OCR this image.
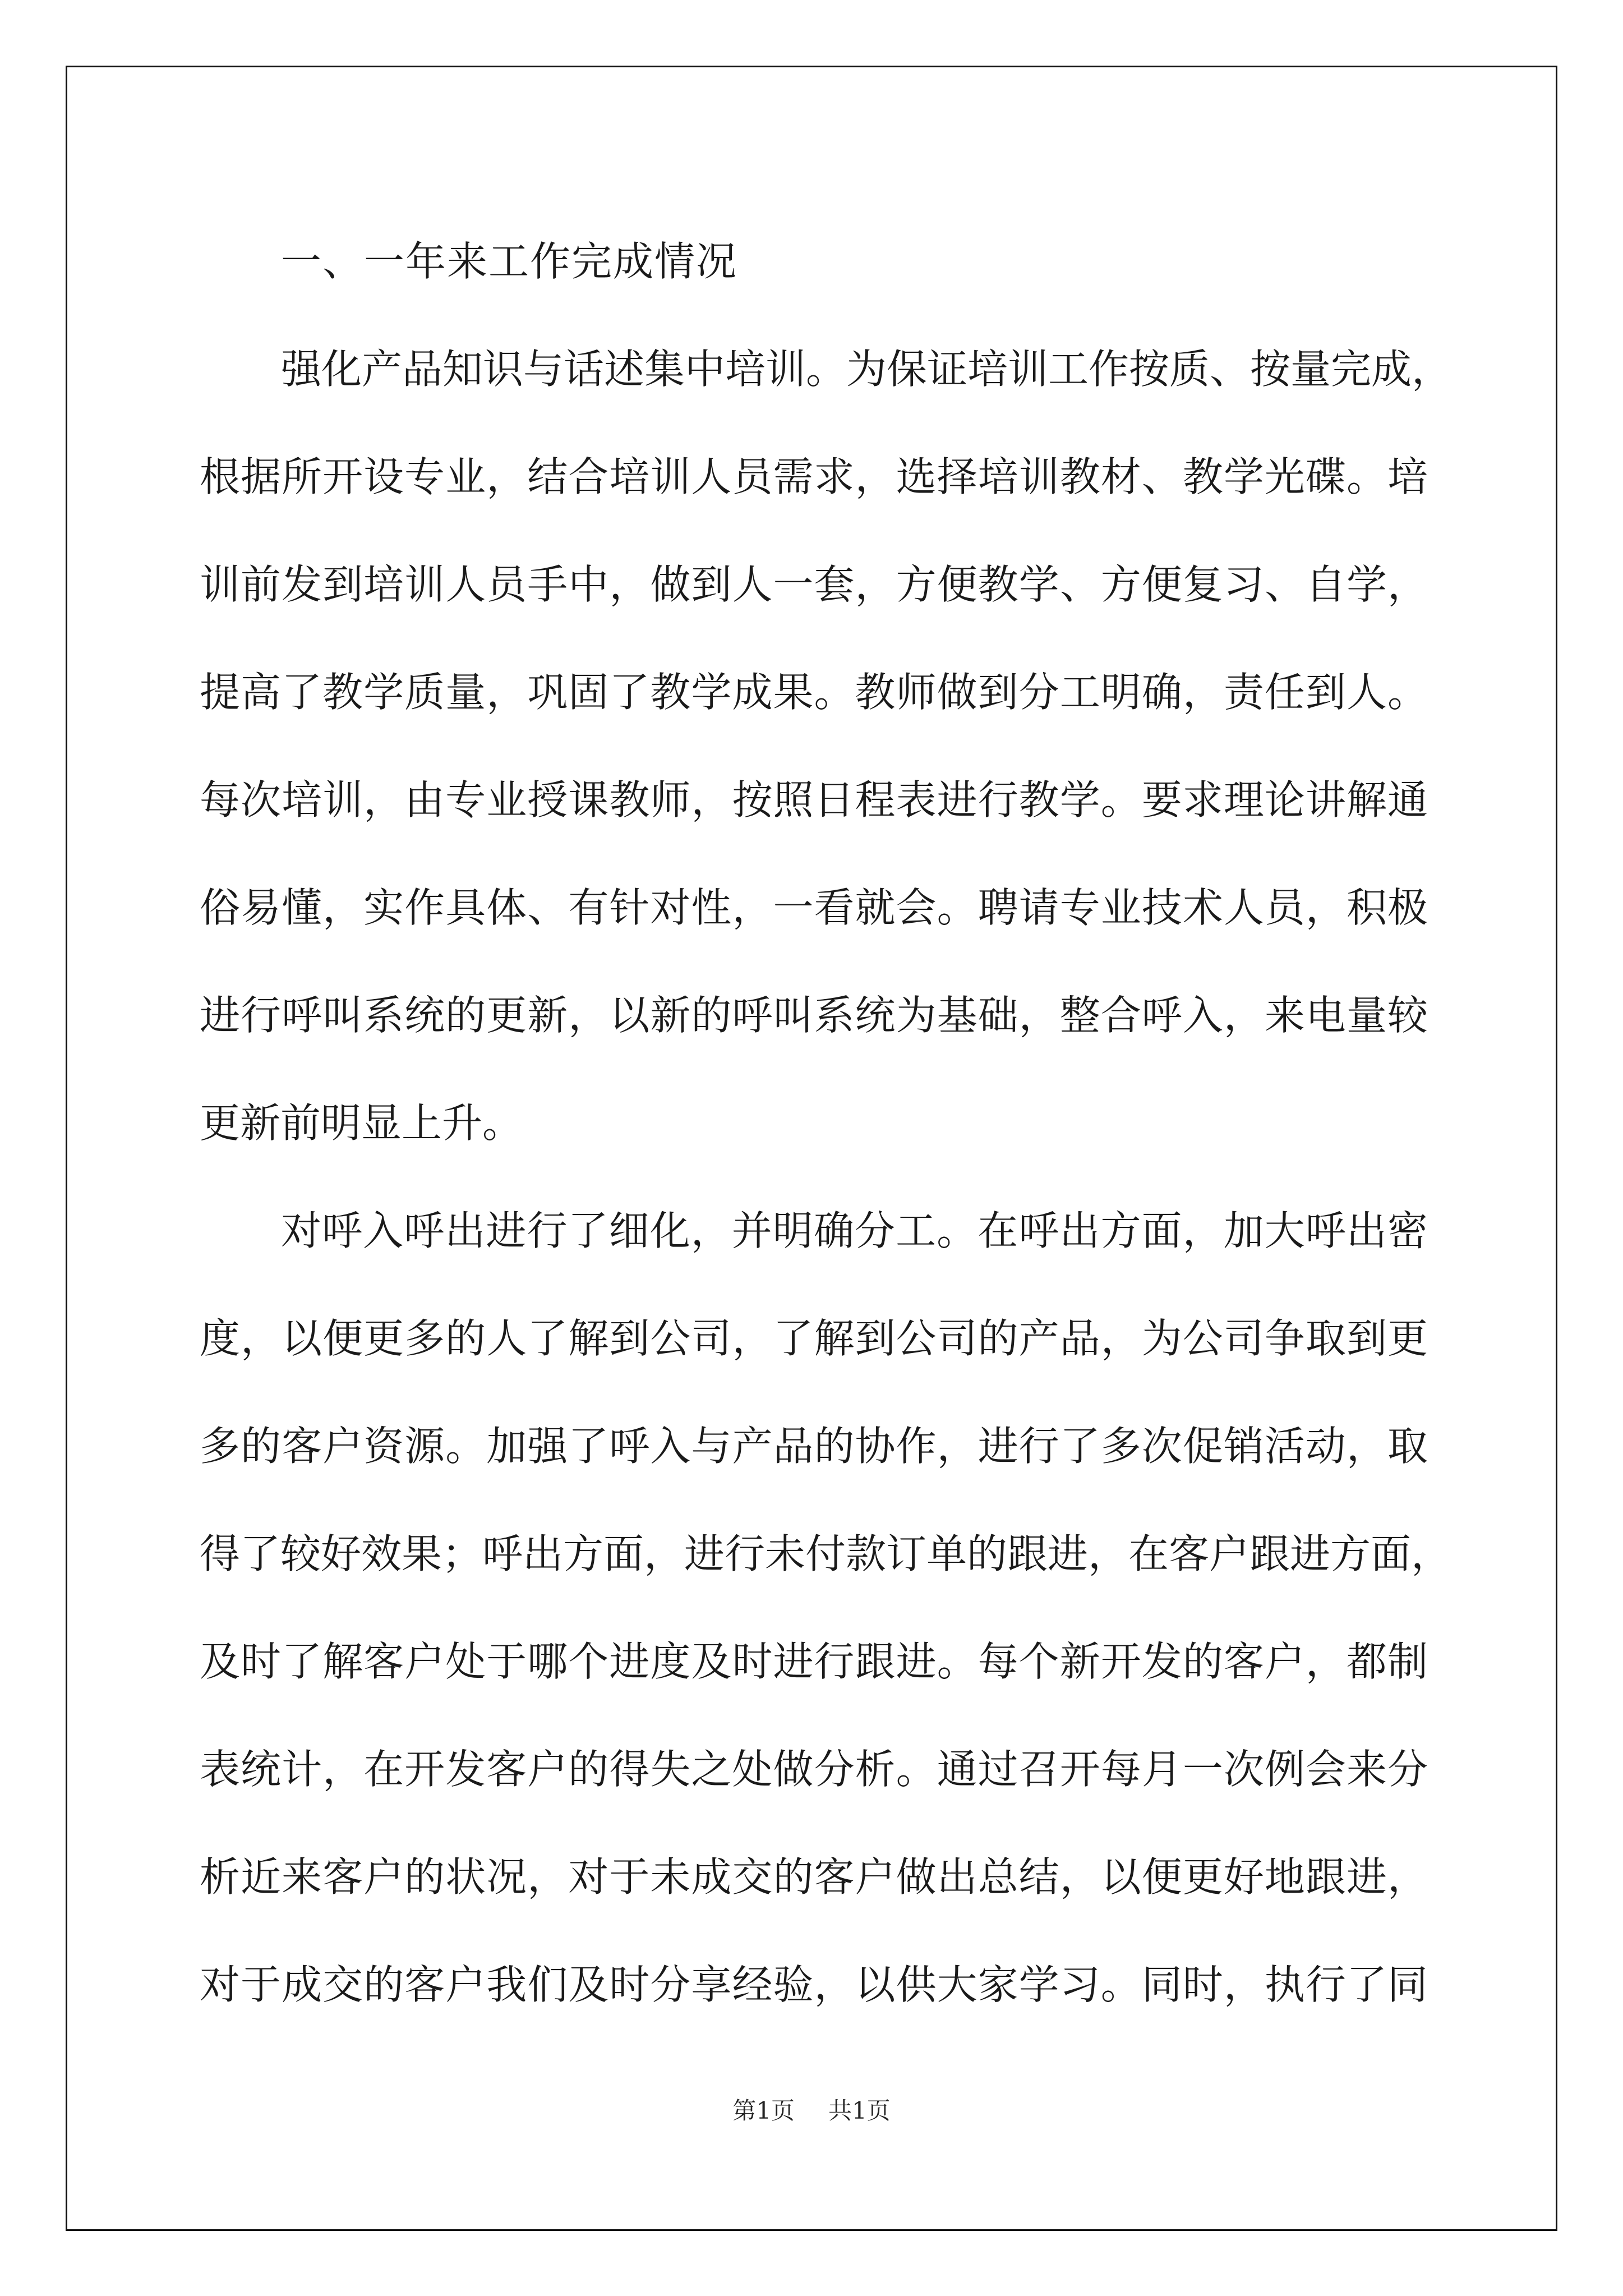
一、一年来工作完成情况
强化产品知识与话述集中培训。为保证培训工作按质、按量完成，
根据所开设专业，结合培训人员需求，选择培训教材、教学光碟。培
训前发到培训人员手中，做到人一套，方便教学、方便复习、自学，
提高了教学质量，巩固了教学成果。教师做到分工明确，责任到人。
每次培训，由专业授课教师，按照日程表进行教学。要求理论讲解通
俗易懂，实作具体、有针对性，一看就会。聘请专业技术人员，积极
进行呼叫系统的更新，以新的呼叫系统为基础，整合呼入，来电量较
更新前明显上升。
对呼入呼出进行了细化，并明确分工。在呼出方面，加大呼出密
度，以便更多的人了解到公司，了解到公司的产品，为公司争取到更
多的客户资源。加强了呼入与产品的协作，进行了多次促销活动，取
得了较好效果；呼出方面，进行未付款订单的跟进，在客户跟进方面，
及时了解客户处于哪个进度及时进行跟进。每个新开发的客户，都制
表统计，在开发客户的得失之处做分析。通过召开每月一次例会来分
析近来客户的状况，对于未成交的客户做出总结，以便更好地跟进，
对于成交的客户我们及时分享经验，以供大家学习。同时，执行了同
第1页 共1页
